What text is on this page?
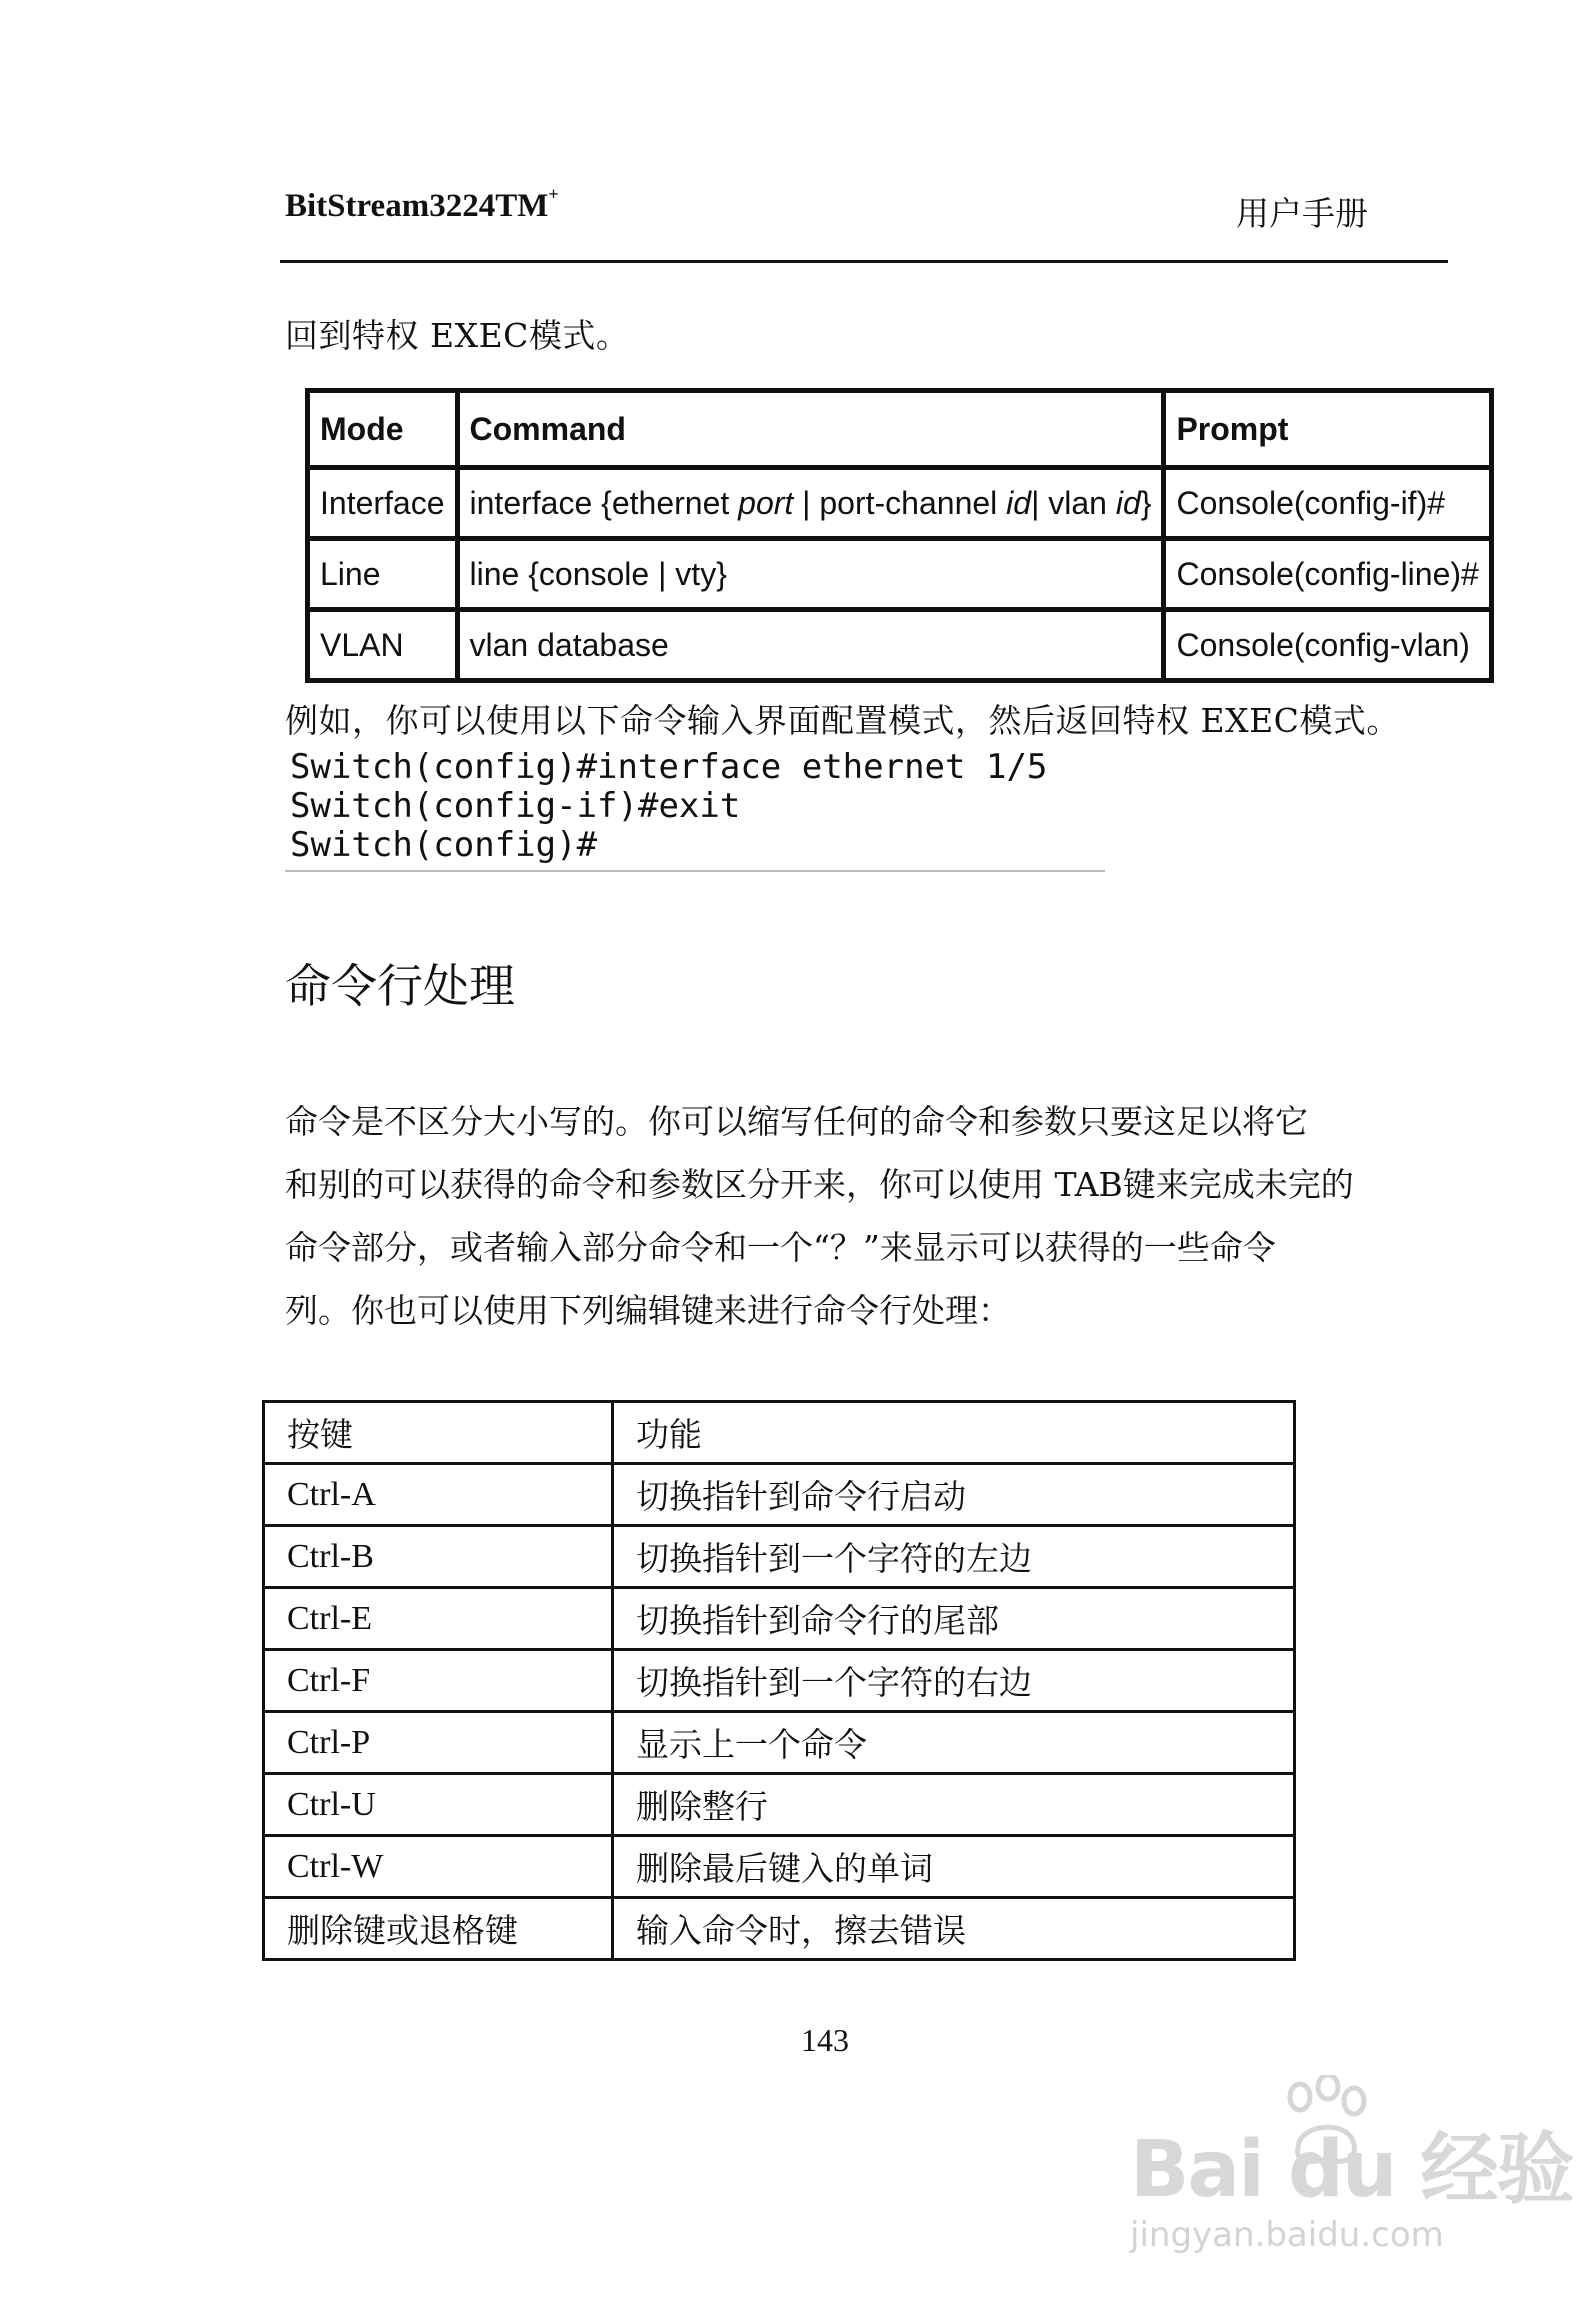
BitStream3224TM+	用户手册
回到特权 EXEC模式。
Mode	Command	Prompt
Interface	interface {ethernet port | port-channel id| vlan id}	Console(config-if)#
Line	line {console | vty}	Console(config-line)#
VLAN	vlan database	Console(config-vlan)
例如，你可以使用以下命令输入界面配置模式，然后返回特权 EXEC模式。
Switch(config)#interface ethernet 1/5
Switch(config-if)#exit
Switch(config)#
命令行处理
命令是不区分大小写的。你可以缩写任何的命令和参数只要这足以将它
和别的可以获得的命令和参数区分开来，你可以使用 TAB键来完成未完的
命令部分，或者输入部分命令和一个“？”来显示可以获得的一些命令
列。你也可以使用下列编辑键来进行命令行处理：
按键	功能
Ctrl-A	切换指针到命令行启动
Ctrl-B	切换指针到一个字符的左边
Ctrl-E	切换指针到命令行的尾部
Ctrl-F	切换指针到一个字符的右边
Ctrl-P	显示上一个命令
Ctrl-U	删除整行
Ctrl-W	删除最后键入的单词
删除键或退格键	输入命令时，擦去错误
143
Bai du 经验
jingyan.baidu.com
